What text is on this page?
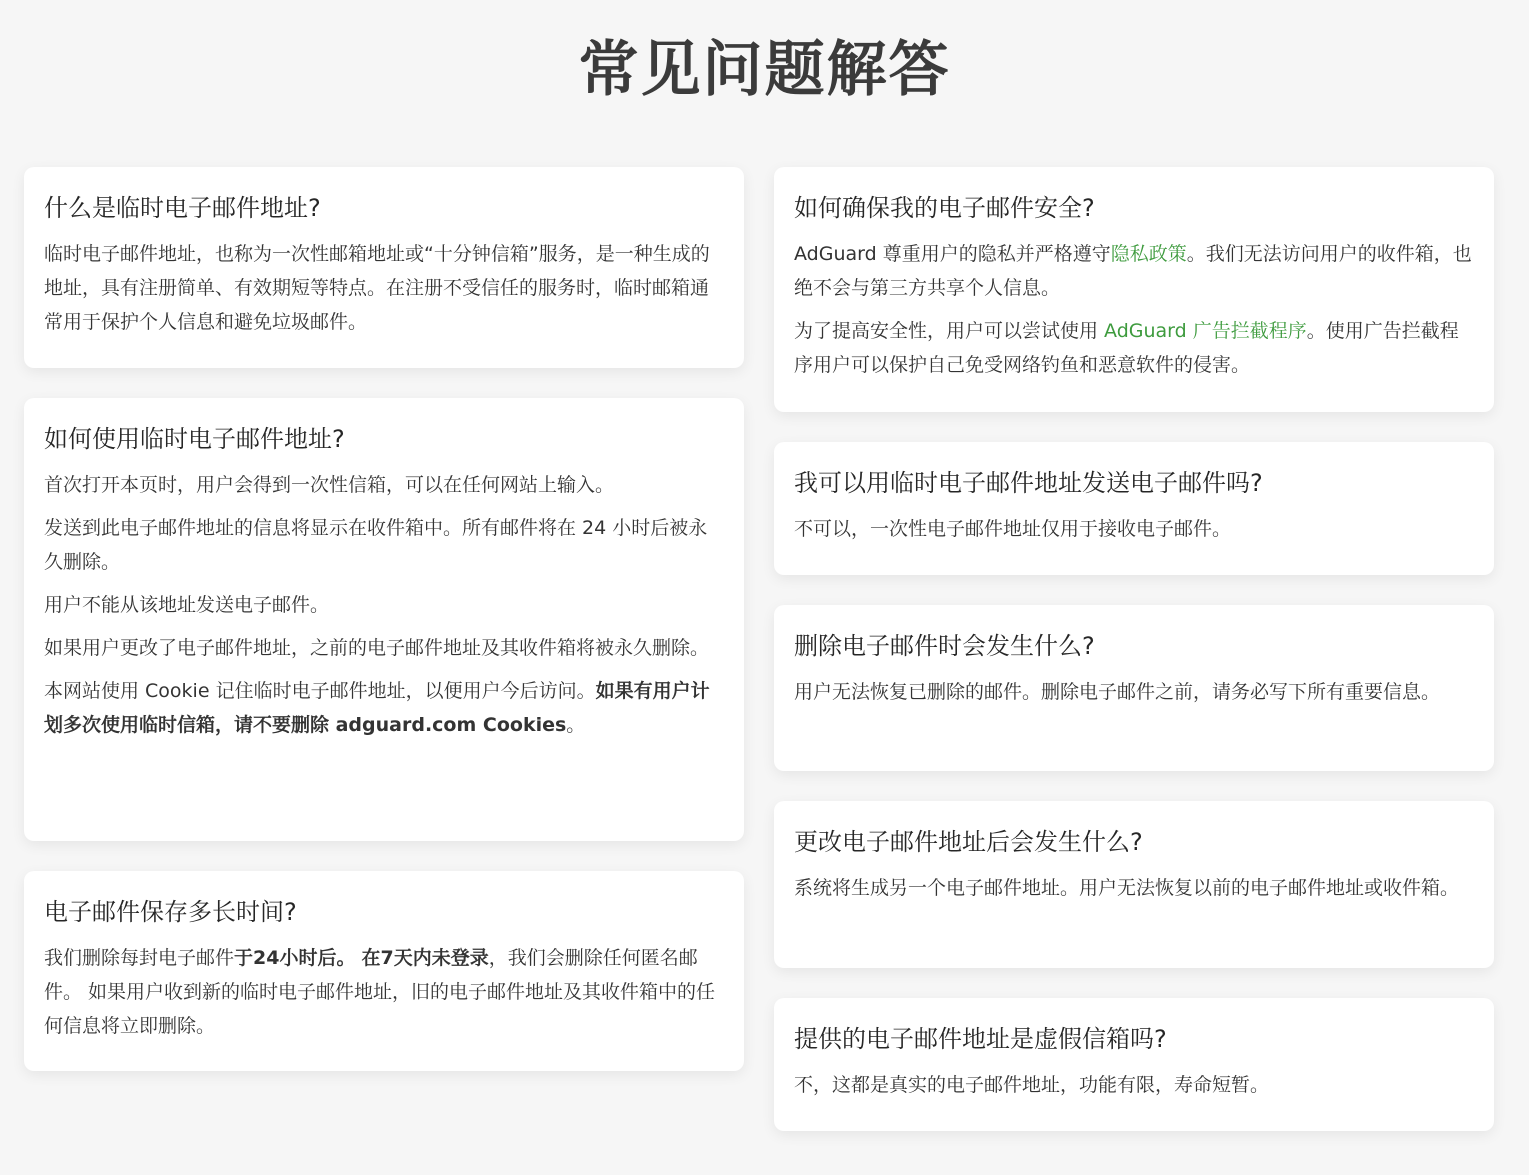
常见问题解答
什么是临时电子邮件地址?

临时电子邮件地址，也称为一次性邮箱地址或“十分钟信箱”服务，是一种生成的地址，具有注册简单、有效期短等特点。在注册不受信任的服务时，临时邮箱通常用于保护个人信息和避免垃圾邮件。

如何使用临时电子邮件地址?

首次打开本页时，用户会得到一次性信箱，可以在任何网站上输入。

发送到此电子邮件地址的信息将显示在收件箱中。所有邮件将在 24 小时后被永久删除。

用户不能从该地址发送电子邮件。

如果用户更改了电子邮件地址，之前的电子邮件地址及其收件箱将被永久删除。

本网站使用 Cookie 记住临时电子邮件地址，以便用户今后访问。如果有用户计划多次使用临时信箱，请不要删除 adguard.com Cookies。

电子邮件保存多长时间?

我们删除每封电子邮件于24小时后。 在7天内未登录，我们会删除任何匿名邮件。 如果用户收到新的临时电子邮件地址，旧的电子邮件地址及其收件箱中的任何信息将立即删除。

如何确保我的电子邮件安全?

AdGuard 尊重用户的隐私并严格遵守隐私政策。我们无法访问用户的收件箱，也绝不会与第三方共享个人信息。

为了提高安全性，用户可以尝试使用 AdGuard 广告拦截程序。使用广告拦截程序用户可以保护自己免受网络钓鱼和恶意软件的侵害。

我可以用临时电子邮件地址发送电子邮件吗?

不可以，一次性电子邮件地址仅用于接收电子邮件。

删除电子邮件时会发生什么?

用户无法恢复已删除的邮件。删除电子邮件之前，请务必写下所有重要信息。

更改电子邮件地址后会发生什么?

系统将生成另一个电子邮件地址。用户无法恢复以前的电子邮件地址或收件箱。

提供的电子邮件地址是虚假信箱吗?

不，这都是真实的电子邮件地址，功能有限，寿命短暂。
